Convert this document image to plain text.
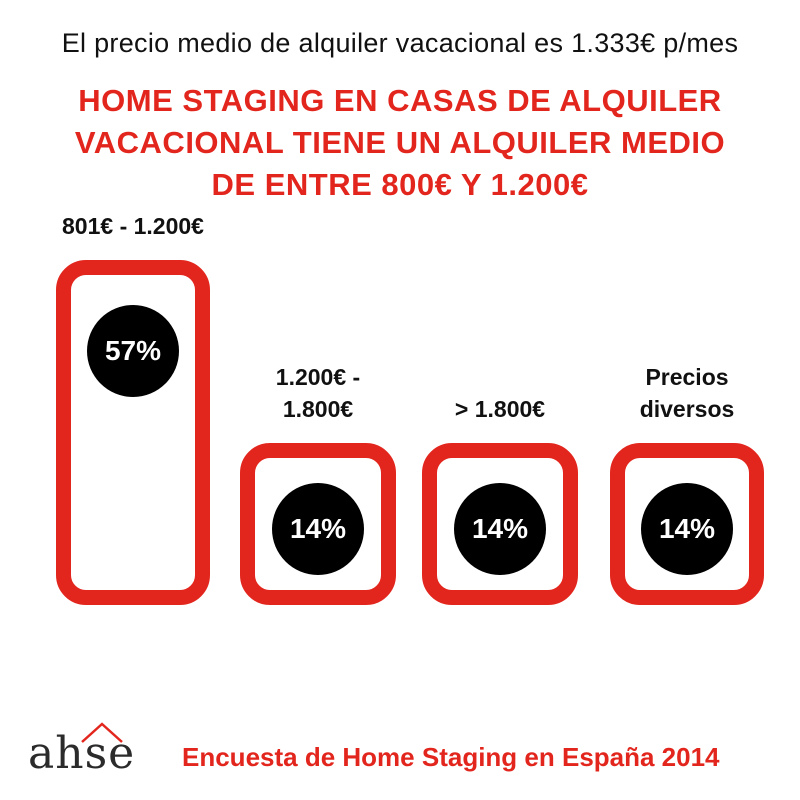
El precio medio de alquiler vacacional es 1.333€ p/mes
HOME STAGING EN CASAS DE ALQUILER
VACACIONAL TIENE UN ALQUILER MEDIO
DE ENTRE 800€ Y 1.200€
57%
801€ - 1.200€
14%
1.200€ -
1.800€
14%
> 1.800€
14%
Precios
diversos
ahse Encuesta de Home Staging en España 2014
